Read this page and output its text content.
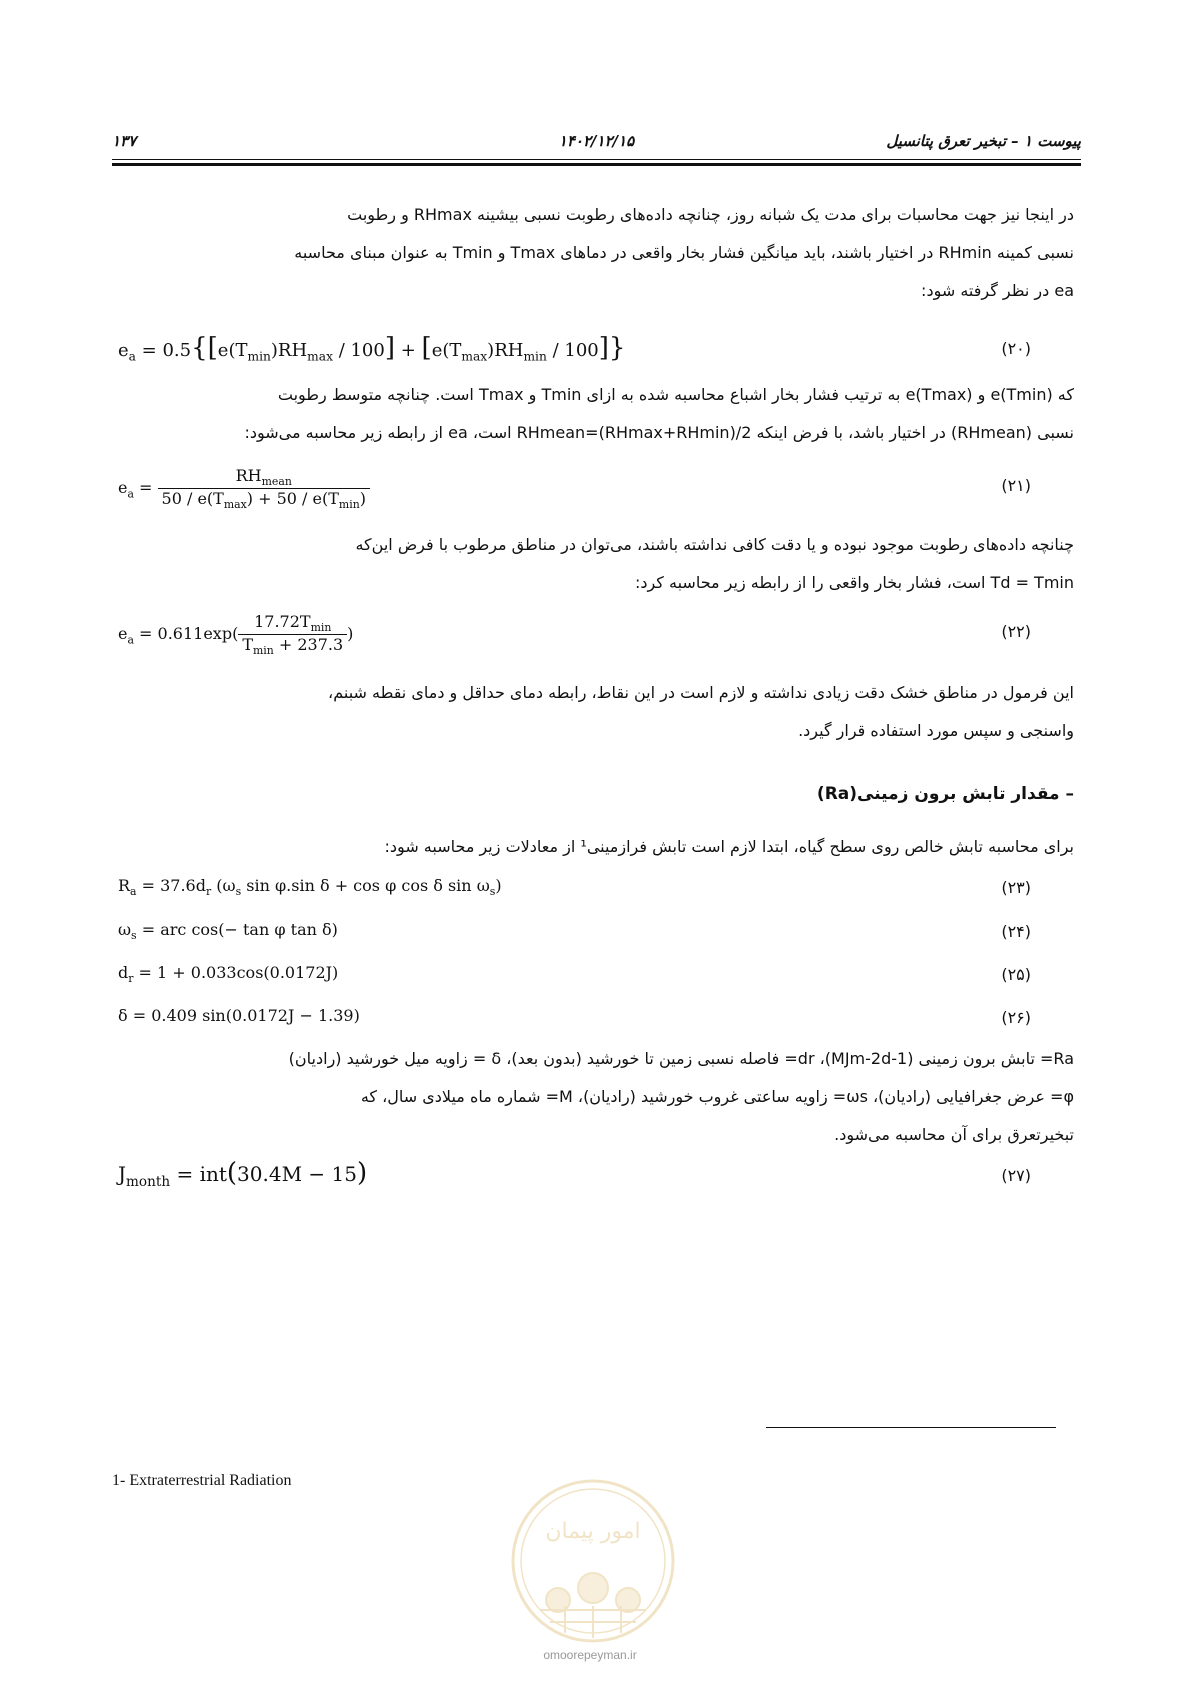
پیوست ۱ – تبخیر تعرق پتانسیل
۱۴۰۲/۱۲/۱۵
۱۳۷
در اینجا نیز جهت محاسبات برای مدت یک شبانه روز، چنانچه داده‌های رطوبت نسبی بیشینه RHmax و رطوبت
نسبی کمینه RHmin در اختیار باشند، باید میانگین فشار بخار واقعی در دماهای Tmax و Tmin به عنوان مبنای محاسبه
ea در نظر گرفته شود:
$e_a = 0.5\{[e(T_{min})RH_{max} / 100] + [e(T_{max})RH_{min} / 100]\}$	(۲۰)
که (e(Tmin و (e(Tmax به ترتیب فشار بخار اشباع محاسبه شده به ازای Tmin و Tmax است. چنانچه متوسط رطوبت
نسبی (RHmean) در اختیار باشد، با فرض اینکه RHmean=(RHmax+RHmin)/2 است، ea از رابطه زیر محاسبه می‌شود:
$e_a = \frac{RH_{mean}}{50 / e(T_{max}) + 50 / e(T_{min})}$	(۲۱)
چنانچه داده‌های رطوبت موجود نبوده و یا دقت کافی نداشته باشند، می‌توان در مناطق مرطوب با فرض این‌که
Td = Tmin است، فشار بخار واقعی را از رابطه زیر محاسبه کرد:
$e_a = 0.611\exp( \frac{17.72T_{min}}{T_{min} + 237.3}$ )	(۲۲)
این فرمول در مناطق خشک دقت زیادی نداشته و لازم است در این نقاط، رابطه دمای حداقل و دمای نقطه شبنم،
واسنجی و سپس مورد استفاده قرار گیرد.
– مقدار تابش برون زمینی(Ra)
برای محاسبه تابش خالص روی سطح گیاه، ابتدا لازم است تابش فرازمینی¹ از معادلات زیر محاسبه شود:
$R_a = 37.6d_r$ ($\omega_s$ sin φ.sin δ + cos φ cos δ $\sin \omega_s$)	(۲۳)
$\omega_s$ = arc cos(− tan φ tan δ)	(۲۴)
$d_r = 1 + 0.033\cos(0.0172J)$	(۲۵)
δ = 0.409 sin(0.0172J − 1.39)	(۲۶)
Ra= تابش برون زمینی (MJm-2d-1)، dr= فاصله نسبی زمین تا خورشید (بدون بعد)، δ = زاویه میل خورشید (رادیان)
φ= عرض جغرافیایی (رادیان)، ωs= زاویه ساعتی غروب خورشید (رادیان)، M= شماره ماه میلادی سال، که
تبخیرتعرق برای آن محاسبه می‌شود.
$J_{month} = int(30.4M - 15)$	(۲۷)
1- Extraterrestrial Radiation
امور پیمان
omoorepeyman.ir
